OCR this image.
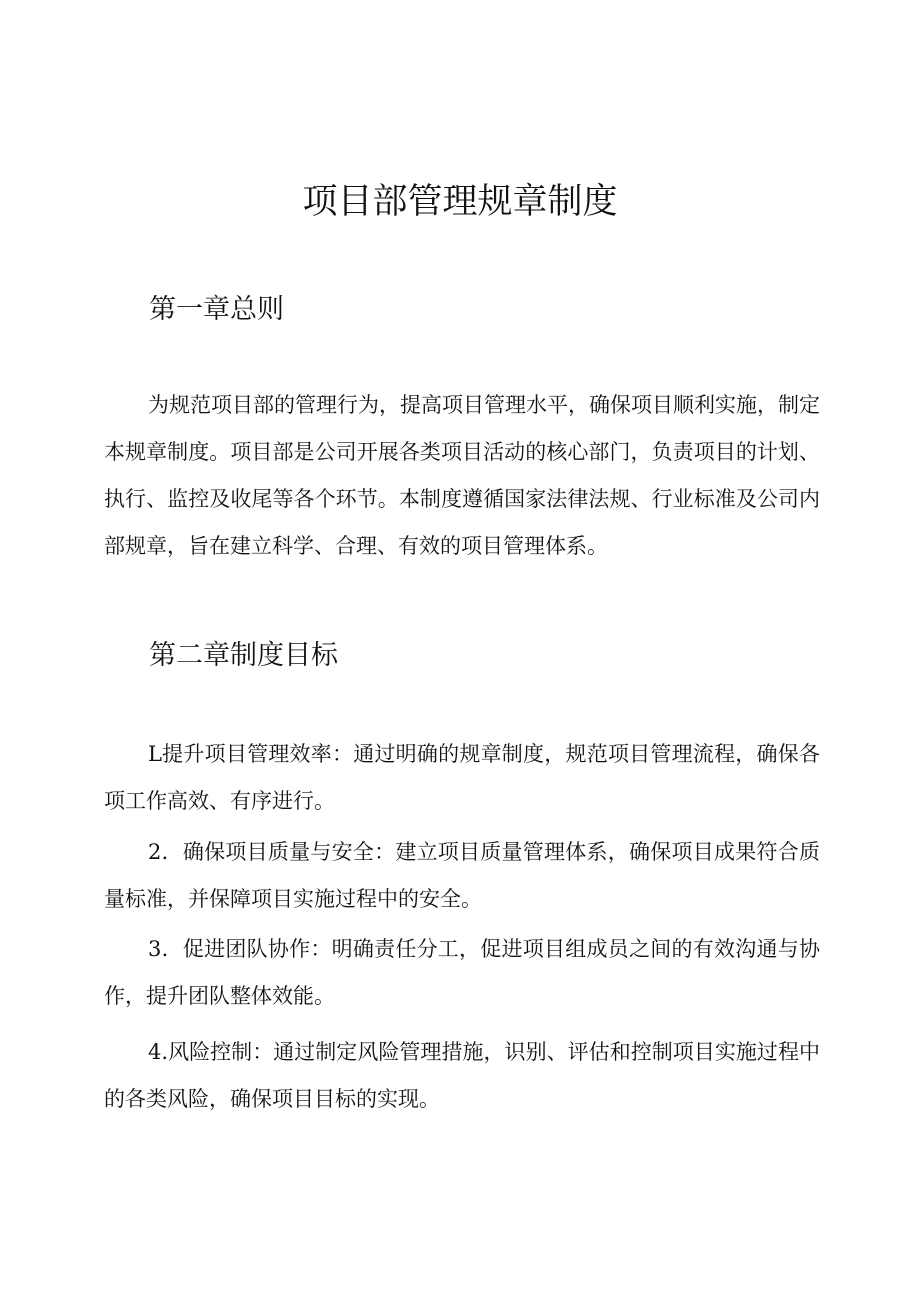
项目部管理规章制度
第一章总则

为规范项目部的管理行为，提高项目管理水平，确保项目顺利实施，制定本规章制度。项目部是公司开展各类项目活动的核心部门，负责项目的计划、执行、监控及收尾等各个环节。本制度遵循国家法律法规、行业标准及公司内部规章，旨在建立科学、合理、有效的项目管理体系。

第二章制度目标

L提升项目管理效率：通过明确的规章制度，规范项目管理流程，确保各项工作高效、有序进行。

2．确保项目质量与安全：建立项目质量管理体系，确保项目成果符合质量标准，并保障项目实施过程中的安全。

3．促进团队协作：明确责任分工，促进项目组成员之间的有效沟通与协作，提升团队整体效能。

4.风险控制：通过制定风险管理措施，识别、评估和控制项目实施过程中的各类风险，确保项目目标的实现。
